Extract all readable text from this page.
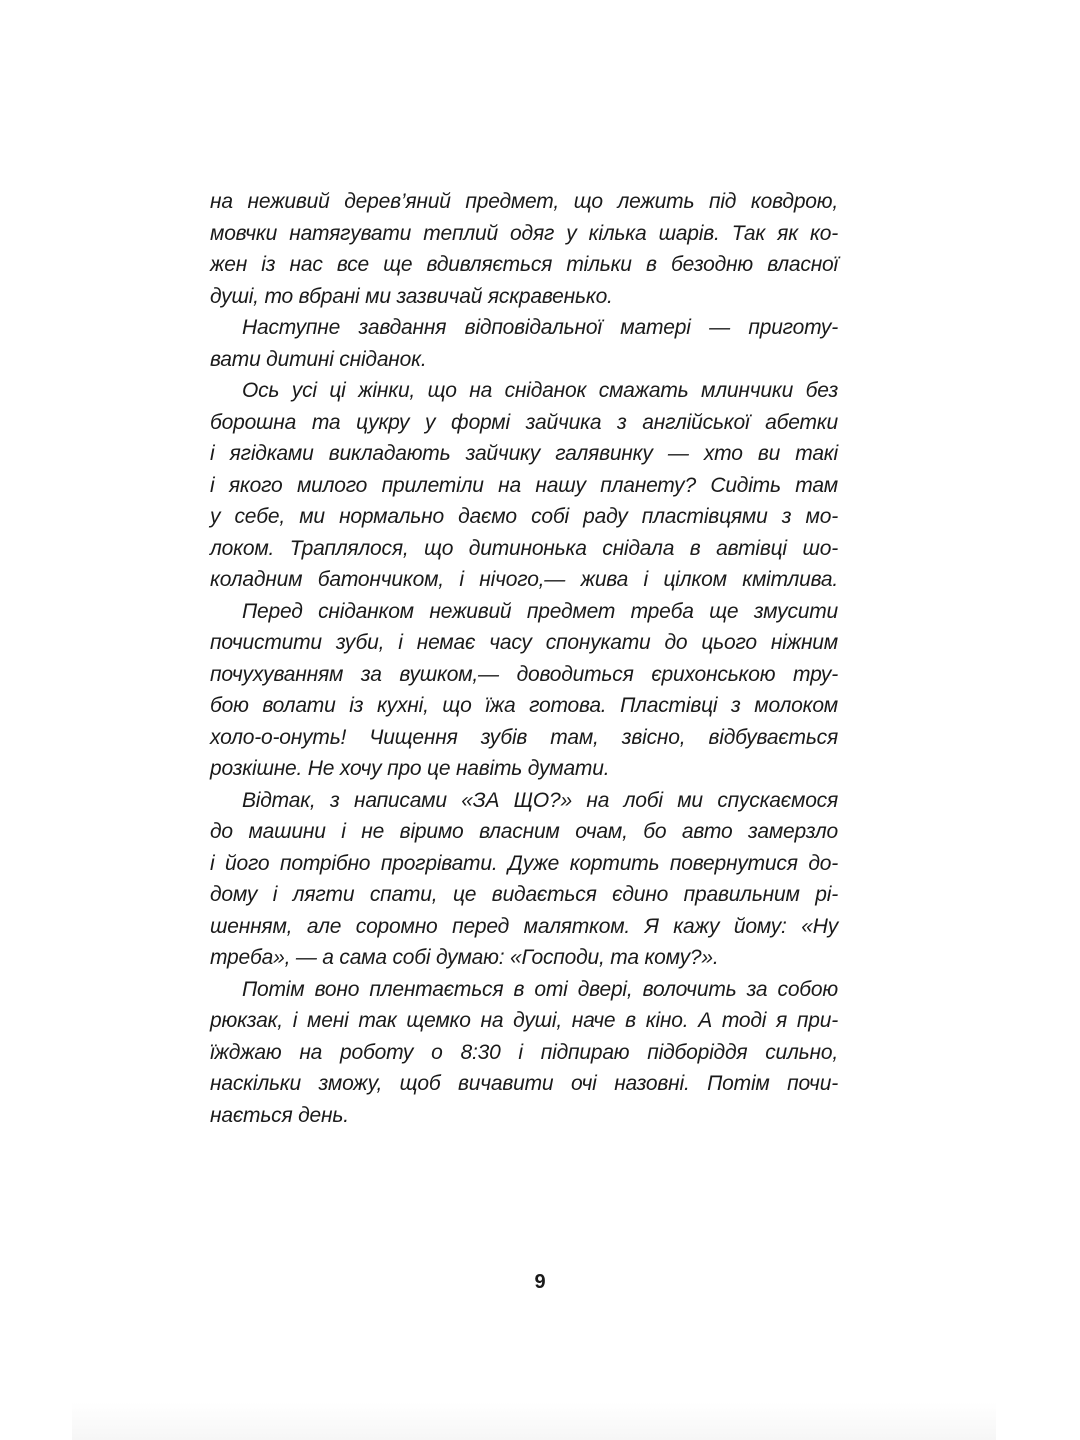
на неживий дерев’яний предмет, що лежить під ковдрою,
мовчки натягувати теплий одяг у кілька шарів. Так як ко-
жен із нас все ще вдивляється тільки в безодню власної
душі, то вбрані ми зазвичай яскравенько.
Наступне завдання відповідальної матері — приготу-
вати дитині сніданок.
Ось усі ці жінки, що на сніданок смажать млинчики без
борошна та цукру у формі зайчика з англійської абетки
і ягідками викладають зайчику галявинку — хто ви такі
і якого милого прилетіли на нашу планету? Сидіть там
у себе, ми нормально даємо собі раду пластівцями з мо-
локом. Траплялося, що дитинонька снідала в автівці шо-
коладним батончиком, і нічого,— жива і цілком кмітлива.
Перед сніданком неживий предмет треба ще змусити
почистити зуби, і немає часу спонукати до цього ніжним
почухуванням за вушком,— доводиться єрихонською тру-
бою волати із кухні, що їжа готова. Пластівці з молоком
холо-о-онуть! Чищення зубів там, звісно, відбувається
розкішне. Не хочу про це навіть думати.
Відтак, з написами «ЗА ЩО?» на лобі ми спускаємося
до машини і не віримо власним очам, бо авто замерзло
і його потрібно прогрівати. Дуже кортить повернутися до-
дому і лягти спати, це видається єдино правильним рі-
шенням, але соромно перед малятком. Я кажу йому: «Ну
треба», — а сама собі думаю: «Господи, та кому?».
Потім воно плентається в оті двері, волочить за собою
рюкзак, і мені так щемко на душі, наче в кіно. А тоді я при-
їжджаю на роботу о 8:30 і підпираю підборіддя сильно,
наскільки зможу, щоб вичавити очі назовні. Потім почи-
нається день.
9
